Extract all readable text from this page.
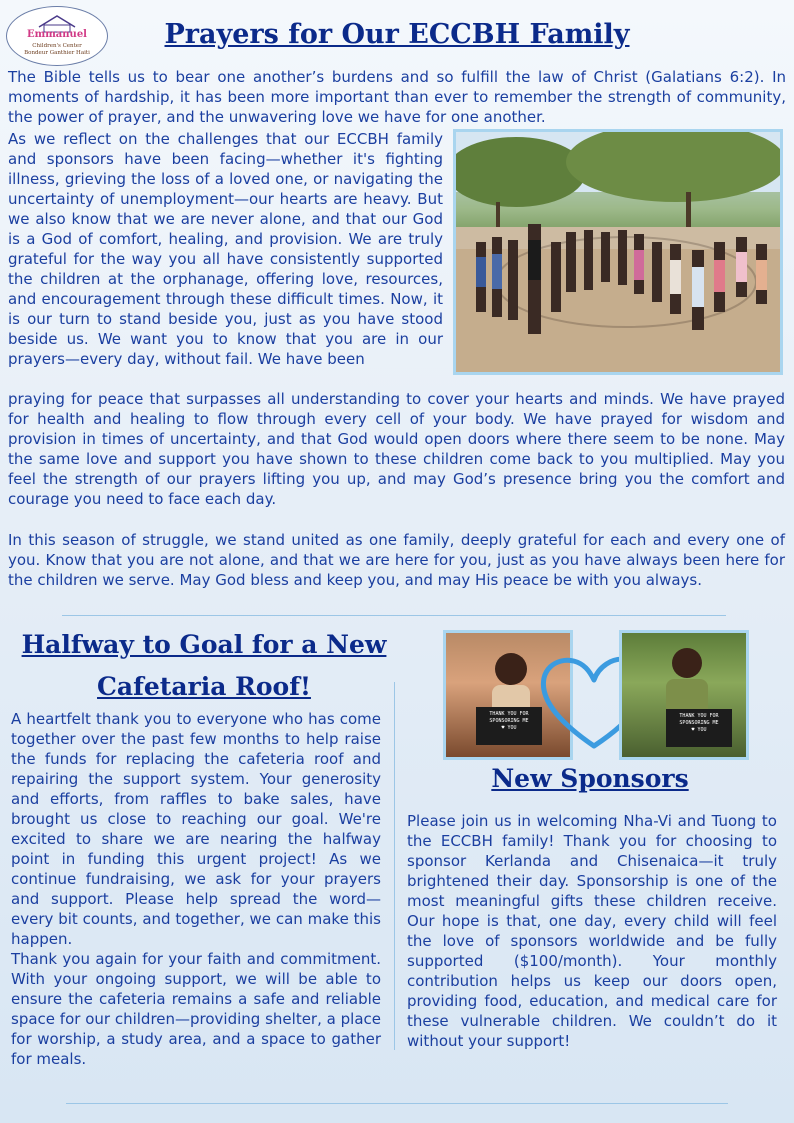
Emmanuel
Children's Center
Bondeur Ganthier Haiti
Prayers for Our ECCBH Family

The Bible tells us to bear one another’s burdens and so fulfill the law of Christ (Galatians 6:2). In moments of hardship, it has been more important than ever to remember the strength of community, the power of prayer, and the unwavering love we have for one another.

As we reflect on the challenges that our ECCBH family and sponsors have been facing—whether it's fighting illness, grieving the loss of a loved one, or navigating the uncertainty of unemployment—our hearts are heavy. But we also know that we are never alone, and that our God is a God of comfort, healing, and provision. We are truly grateful for the way you all have consistently supported the children at the orphanage, offering love, resources, and encouragement through these difficult times. Now, it is our turn to stand beside you, just as you have stood beside us. We want you to know that you are in our prayers—every day, without fail. We have been

praying for peace that surpasses all understanding to cover your hearts and minds. We have prayed for health and healing to flow through every cell of your body. We have prayed for wisdom and provision in times of uncertainty, and that God would open doors where there seem to be none. May the same love and support you have shown to these children come back to you multiplied. May you feel the strength of our prayers lifting you up, and may God’s presence bring you the comfort and courage you need to face each day.

In this season of struggle, we stand united as one family, deeply grateful for each and every one of you. Know that you are not alone, and that we are here for you, just as you have always been here for the children we serve. May God bless and keep you, and may His peace be with you always.

Halfway to Goal for a New Cafetaria Roof!

A heartfelt thank you to everyone who has come together over the past few months to help raise the funds for replacing the cafeteria roof and repairing the support system. Your generosity and efforts, from raffles to bake sales, have brought us close to reaching our goal. We're excited to share we are nearing the halfway point in funding this urgent project! As we continue fundraising, we ask for your prayers and support. Please help spread the word—every bit counts, and together, we can make this happen.

Thank you again for your faith and commitment. With your ongoing support, we will be able to ensure the cafeteria remains a safe and reliable space for our children—providing shelter, a place for worship, a study area, and a space to gather for meals.

THANK YOU FOR SPONSORING ME
♥ YOU
THANK YOU FOR SPONSORING ME
♥ YOU
New Sponsors

Please join us in welcoming Nha-Vi and Tuong to the ECCBH family! Thank you for choosing to sponsor Kerlanda and Chisenaica—it truly brightened their day. Sponsorship is one of the most meaningful gifts these children receive. Our hope is that, one day, every child will feel the love of sponsors worldwide and be fully supported ($100/month). Your monthly contribution helps us keep our doors open, providing food, education, and medical care for these vulnerable children. We couldn’t do it without your support!
